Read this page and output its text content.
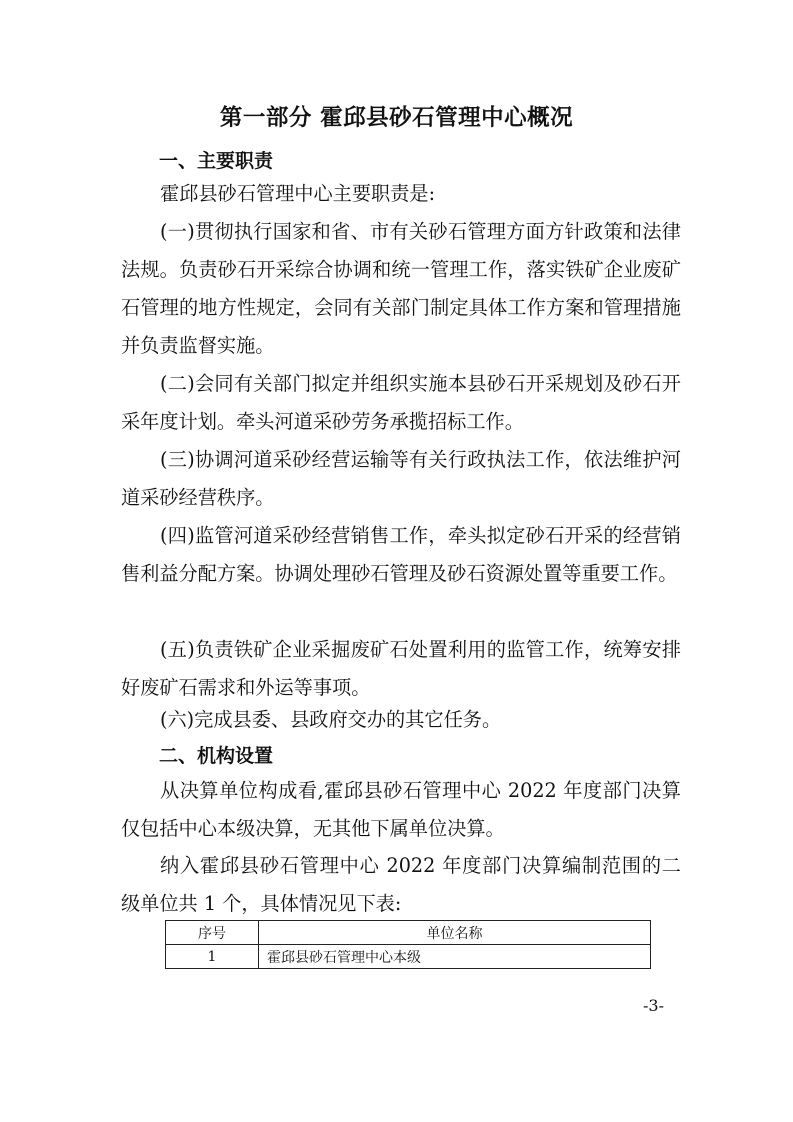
第一部分 霍邱县砂石管理中心概况
一、主要职责

霍邱县砂石管理中心主要职责是:

(一)贯彻执行国家和省、市有关砂石管理方面方针政策和法律法规。负责砂石开采综合协调和统一管理工作，落实铁矿企业废矿石管理的地方性规定，会同有关部门制定具体工作方案和管理措施并负责监督实施。

(二)会同有关部门拟定并组织实施本县砂石开采规划及砂石开采年度计划。牵头河道采砂劳务承揽招标工作。

(三)协调河道采砂经营运输等有关行政执法工作，依法维护河道采砂经营秩序。

(四)监管河道采砂经营销售工作，牵头拟定砂石开采的经营销售利益分配方案。协调处理砂石管理及砂石资源处置等重要工作。

(五)负责铁矿企业采掘废矿石处置利用的监管工作，统筹安排好废矿石需求和外运等事项。

(六)完成县委、县政府交办的其它任务。

二、机构设置

从决算单位构成看,霍邱县砂石管理中心 2022 年度部门决算仅包括中心本级决算，无其他下属单位决算。

纳入霍邱县砂石管理中心 2022 年度部门决算编制范围的二级单位共 1 个，具体情况见下表:

序号	单位名称
1	霍邱县砂石管理中心本级
-3-
